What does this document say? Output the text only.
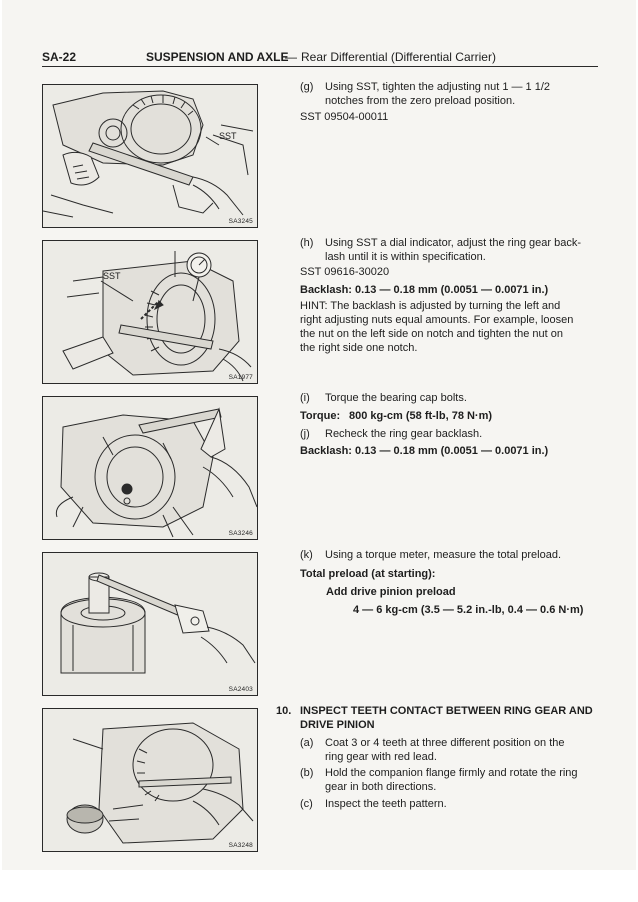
SA-22	SUSPENSION AND AXLE
— Rear Differential (Differential Carrier)
SST
SA3245
SST
SA1977
SA3246
SA2403
SA3248
(g) Using SST, tighten the adjusting nut 1 — 1 1/2
notches from the zero preload position.
SST 09504-00011
(h) Using SST a dial indicator, adjust the ring gear back-
lash until it is within specification.
SST 09616-30020
Backlash: 0.13 — 0.18 mm (0.0051 — 0.0071 in.)
HINT: The backlash is adjusted by turning the left and
right adjusting nuts equal amounts. For example, loosen
the nut on the left side on notch and tighten the nut on
the right side one notch.
(i) Torque the bearing cap bolts.
Torque: 800 kg-cm (58 ft-lb, 78 N·m)
(j) Recheck the ring gear backlash.
Backlash: 0.13 — 0.18 mm (0.0051 — 0.0071 in.)
(k) Using a torque meter, measure the total preload.
Total preload (at starting):
Add drive pinion preload
4 — 6 kg-cm (3.5 — 5.2 in.-lb, 0.4 — 0.6 N·m)
10. INSPECT TEETH CONTACT BETWEEN RING GEAR AND
DRIVE PINION
(a) Coat 3 or 4 teeth at three different position on the
ring gear with red lead.
(b) Hold the companion flange firmly and rotate the ring
gear in both directions.
(c) Inspect the teeth pattern.
